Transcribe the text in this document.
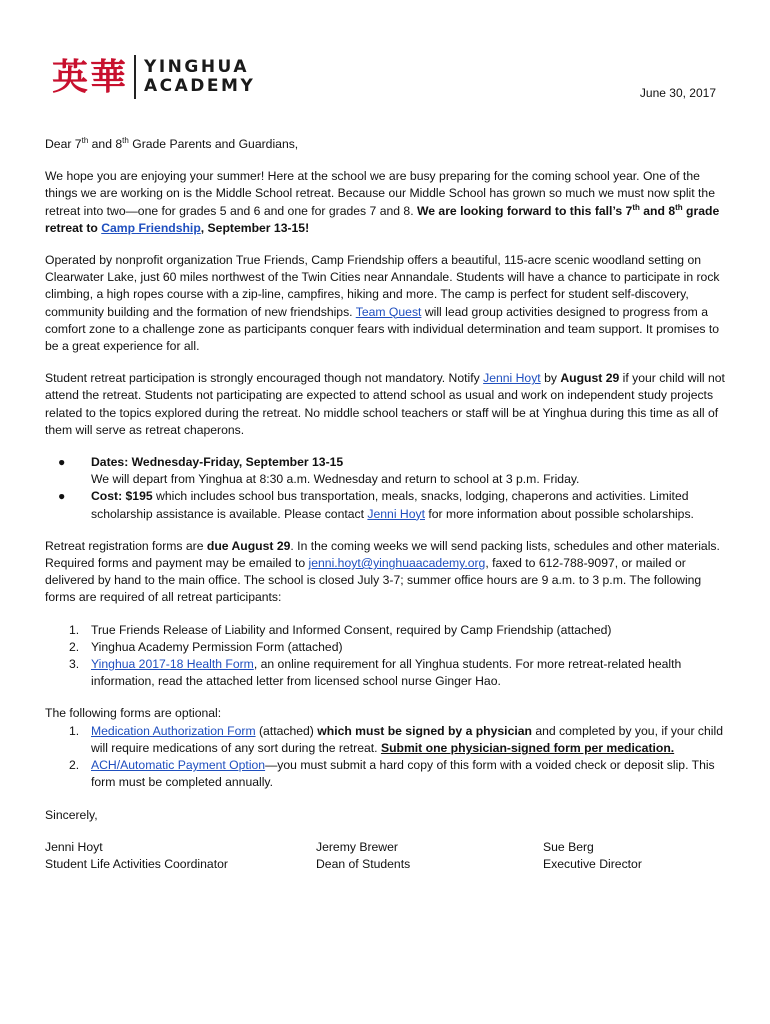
英華 YINGHUA
ACADEMY	June 30, 2017

Dear 7th and 8th Grade Parents and Guardians,

We hope you are enjoying your summer! Here at the school we are busy preparing for the coming school year. One of the things we are working on is the Middle School retreat. Because our Middle School has grown so much we must now split the retreat into two—one for grades 5 and 6 and one for grades 7 and 8. We are looking forward to this fall’s 7th and 8th grade retreat to Camp Friendship, September 13-15!

Operated by nonprofit organization True Friends, Camp Friendship offers a beautiful, 115-acre scenic woodland setting on Clearwater Lake, just 60 miles northwest of the Twin Cities near Annandale. Students will have a chance to participate in rock climbing, a high ropes course with a zip-line, campfires, hiking and more. The camp is perfect for student self-discovery, community building and the formation of new friendships. Team Quest will lead group activities designed to progress from a comfort zone to a challenge zone as participants conquer fears with individual determination and team support. It promises to be a great experience for all.

Student retreat participation is strongly encouraged though not mandatory. Notify Jenni Hoyt by August 29 if your child will not attend the retreat. Students not participating are expected to attend school as usual and work on independent study projects related to the topics explored during the retreat. No middle school teachers or staff will be at Yinghua during this time as all of them will serve as retreat chaperons.

● Dates: Wednesday-Friday, September 13-15
We will depart from Yinghua at 8:30 a.m. Wednesday and return to school at 3 p.m. Friday.
● Cost: $195 which includes school bus transportation, meals, snacks, lodging, chaperons and activities. Limited scholarship assistance is available. Please contact Jenni Hoyt for more information about possible scholarships.

Retreat registration forms are due August 29. In the coming weeks we will send packing lists, schedules and other materials. Required forms and payment may be emailed to jenni.hoyt@yinghuaacademy.org, faxed to 612-788-9097, or mailed or delivered by hand to the main office. The school is closed July 3-7; summer office hours are 9 a.m. to 3 p.m. The following forms are required of all retreat participants:

1. True Friends Release of Liability and Informed Consent, required by Camp Friendship (attached)
2. Yinghua Academy Permission Form (attached)
3. Yinghua 2017-18 Health Form, an online requirement for all Yinghua students. For more retreat-related health information, read the attached letter from licensed school nurse Ginger Hao.

The following forms are optional:

1. Medication Authorization Form (attached) which must be signed by a physician and completed by you, if your child will require medications of any sort during the retreat. Submit one physician-signed form per medication.
2. ACH/Automatic Payment Option—you must submit a hard copy of this form with a voided check or deposit slip. This form must be completed annually.

Sincerely,

Jenni Hoyt
Student Life Activities Coordinator
Jeremy Brewer
Dean of Students
Sue Berg
Executive Director
